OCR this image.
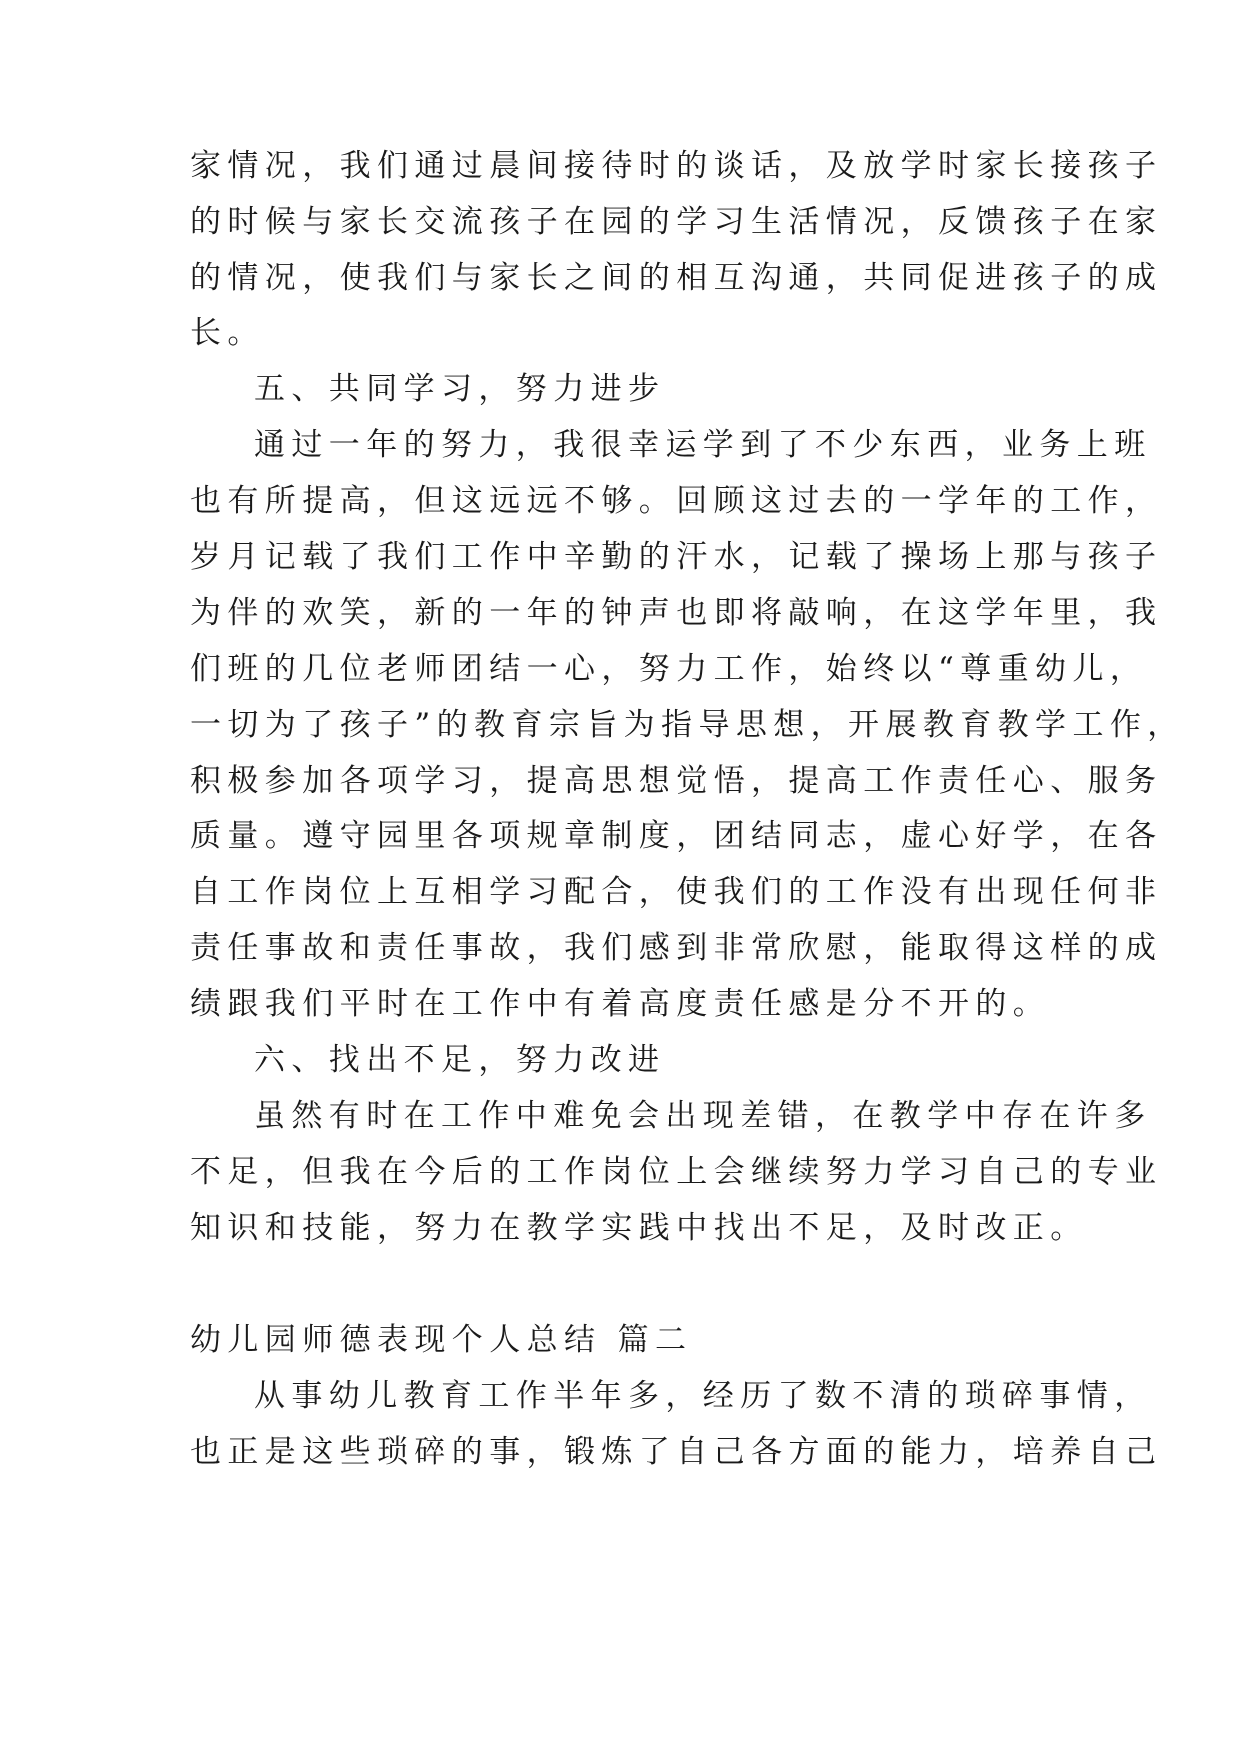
家情况，我们通过晨间接待时的谈话，及放学时家长接孩子
的时候与家长交流孩子在园的学习生活情况，反馈孩子在家
的情况，使我们与家长之间的相互沟通，共同促进孩子的成
长。
五、共同学习，努力进步
通过一年的努力，我很幸运学到了不少东西，业务上班
也有所提高，但这远远不够。回顾这过去的一学年的工作，
岁月记载了我们工作中辛勤的汗水，记载了操场上那与孩子
为伴的欢笑，新的一年的钟声也即将敲响，在这学年里，我
们班的几位老师团结一心，努力工作，始终以“尊重幼儿，
一切为了孩子”的教育宗旨为指导思想，开展教育教学工作，
积极参加各项学习，提高思想觉悟，提高工作责任心、服务
质量。遵守园里各项规章制度，团结同志，虚心好学，在各
自工作岗位上互相学习配合，使我们的工作没有出现任何非
责任事故和责任事故，我们感到非常欣慰，能取得这样的成
绩跟我们平时在工作中有着高度责任感是分不开的。
六、找出不足，努力改进
虽然有时在工作中难免会出现差错，在教学中存在许多
不足，但我在今后的工作岗位上会继续努力学习自己的专业
知识和技能，努力在教学实践中找出不足，及时改正。
幼儿园师德表现个人总结 篇二
从事幼儿教育工作半年多，经历了数不清的琐碎事情，
也正是这些琐碎的事，锻炼了自己各方面的能力，培养自己
